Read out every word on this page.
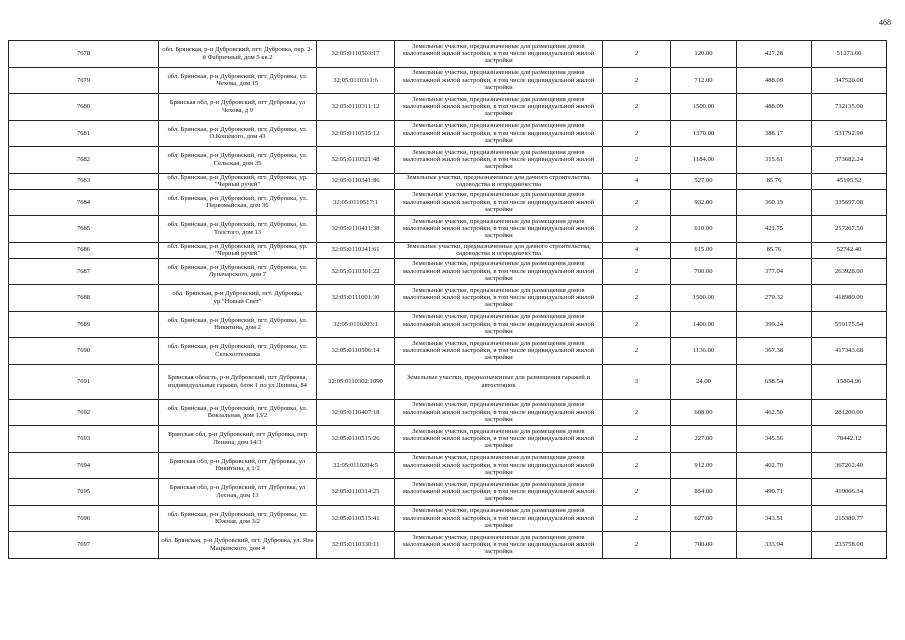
468
7678	обл. Брянская, р-н Дубровский, пгт. Дубровка, пер. 2-й Фабричный, дом 5 кв.2	32:05:0110503:17	Земельные участки, предназначенные для размещения домов малоэтажной жилой застройки, в том числе индивидуальной жилой застройки	2	120.00	427.28	51273.60
7679	обл. Брянская, р-н Дубровский, пгт. Дубровка, ул. Чехова, дом 15	32:05:0110311:6	Земельные участки, предназначенные для размещения домов малоэтажной жилой застройки, в том числе индивидуальной жилой застройки	2	712.00	488.09	347520.08
7680	Брянская обл, р-н Дубровский, пгт Дубровка, ул Чехова, д 9	32:05:0110311:12	Земельные участки, предназначенные для размещения домов малоэтажной жилой застройки, в том числе индивидуальной жилой застройки	2	1500.00	488.09	732135.00
7681	обл. Брянская, р-н Дубровский, пгт. Дубровка, ул. О.Кошевого, дом 43	32:05:0110515:12	Земельные участки, предназначенные для размещения домов малоэтажной жилой застройки, в том числе индивидуальной жилой застройки	2	1370.00	388.17	531792.90
7682	обл. Брянская, р-н Дубровский, пгт. Дубровка, ул. Сельская, дом 35	32:05:0110521:48	Земельные участки, предназначенные для размещения домов малоэтажной жилой застройки, в том числе индивидуальной жилой застройки	2	1184.00	315.61	373682.24
7683	обл. Брянская, р-н Дубровский, пгт. Дубровка, ур. "Черный ручей"	32:05:0110341:86	Земельные участки, предназначенные для дачного строительства, садоводства и огородничества	4	527.00	85.76	45195.52
7684	обл. Брянская, р-н Дубровский, пгт. Дубровка, ул. Первомайская, дом 36	32:05:0110517:1	Земельные участки, предназначенные для размещения домов малоэтажной жилой застройки, в том числе индивидуальной жилой застройки	2	932.00	360.19	335697.08
7685	обл. Брянская, р-н Дубровский, пгт. Дубровка, ул. Толстого, дом 13	32:05:0110411:38	Земельные участки, предназначенные для размещения домов малоэтажной жилой застройки, в том числе индивидуальной жилой застройки	2	610.00	421.75	257267.50
7686	обл. Брянская, р-н Дубровский, пгт. Дубровка, ур. "Черный ручей"	32:05:0110341:61	Земельные участки, предназначенные для дачного строительства, садоводства и огородничества	4	615.00	85.76	52742.40
7687	обл. Брянская, р-н Дубровский, пгт. Дубровка, ул. Луначарского, дом 7	32:05:0110301:22	Земельные участки, предназначенные для размещения домов малоэтажной жилой застройки, в том числе индивидуальной жилой застройки	2	700.00	377.04	263928.00
7688	обл. Брянская, р-н Дубровский, пгт. Дубровка, ур."Новый Свет"	32:05:0111001:30	Земельные участки, предназначенные для размещения домов малоэтажной жилой застройки, в том числе индивидуальной жилой застройки	2	1500.00	279.32	418980.00
7689	обл. Брянская, р-н Дубровский, пгт. Дубровка, ул. Никитина, дом 2	32:05:0110203:1	Земельные участки, предназначенные для размещения домов малоэтажной жилой застройки, в том числе индивидуальной жилой застройки	2	1400.00	399.24	559175.54
7690	обл. Брянская, р-н Дубровский, пгт. Дубровка, ул. Сельхозтехника	32:05:0110506:14	Земельные участки, предназначенные для размещения домов малоэтажной жилой застройки, в том числе индивидуальной жилой застройки	2	1136.00	367.38	417343.68
7691	Брянская область, р-н Дубровский, пгт Дубровка, индивидуальные гаражи, блок 1 по ул Ленина, 84	32:05:0110302:1090	Земельные участки, предназначенные для размещения гаражей и автостоянок	3	24.00	658.54	15804.96
7692	обл. Брянская, р-н Дубровский, пгт. Дубровка, ул. Вокзальная, дом 13/2	32:05:0110407:18	Земельные участки, предназначенные для размещения домов малоэтажной жилой застройки, в том числе индивидуальной жилой застройки	2	608.00	462.50	281200.00
7693	Брянская обл, р-н Дубровский, пгт Дубровка, пер Ленина, дом 14/3	32:05:0110515:26	Земельные участки, предназначенные для размещения домов малоэтажной жилой застройки, в том числе индивидуальной жилой застройки	2	227.00	345.56	78442.12
7694	Брянская обл, р-н Дубровский, пгт Дубровка, ул Никитина, д 1/2	32:05:0110204:5	Земельные участки, предназначенные для размещения домов малоэтажной жилой застройки, в том числе индивидуальной жилой застройки	2	912.00	402.70	367262.40
7695	Брянская обл, р-н Дубровский, пгт Дубровка, ул Лесная, дом 13	32:05:0110314:25	Земельные участки, предназначенные для размещения домов малоэтажной жилой застройки, в том числе индивидуальной жилой застройки	2	854.00	490.71	419066.34
7696	обл. Брянская, р-н Дубровский, пгт. Дубровка, ул. Южная, дом 3/2	32:05:0110515:41	Земельные участки, предназначенные для размещения домов малоэтажной жилой застройки, в том числе индивидуальной жилой застройки	2	627.00	343.51	215380.77
7697	обл. Брянская, р-н Дубровский, пгт. Дубровка, ул. Яна Мацкевского, дом 4	32:05:0110330:11	Земельные участки, предназначенные для размещения домов малоэтажной жилой застройки, в том числе индивидуальной жилой застройки	2	700.00	333.94	233758.00
